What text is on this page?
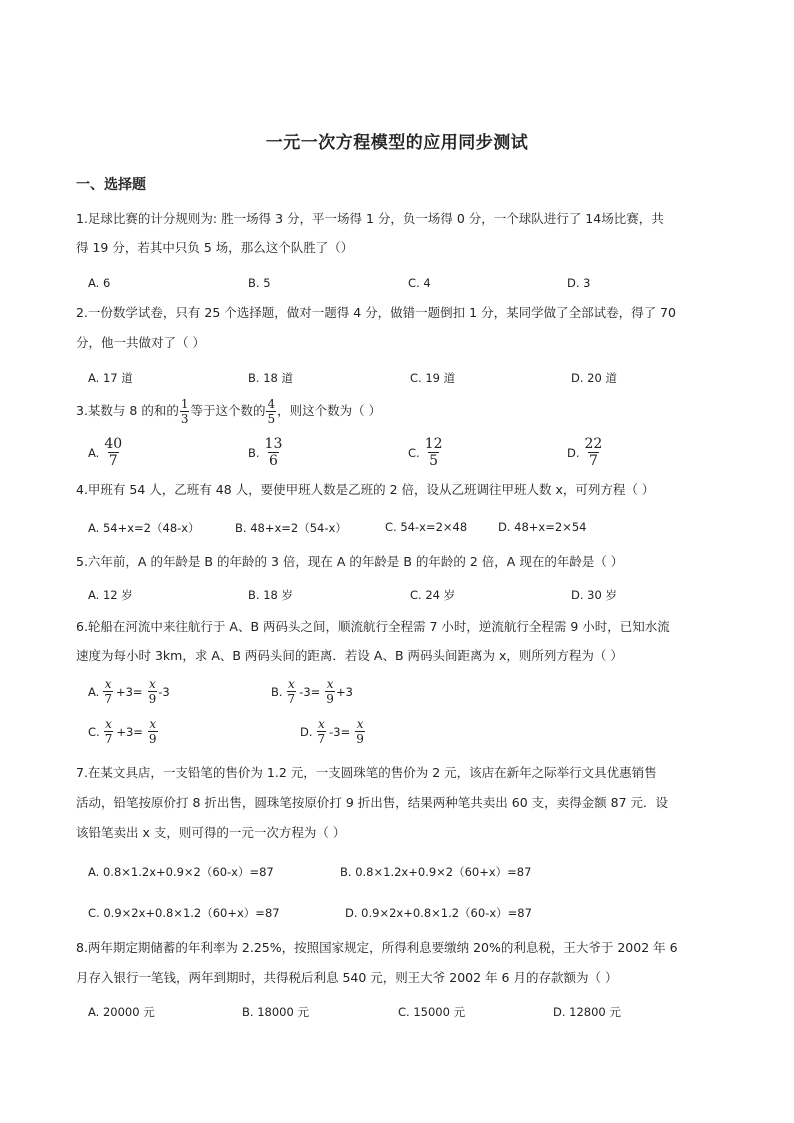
一元一次方程模型的应用同步测试
一、选择题
1.足球比赛的计分规则为: 胜一场得 3 分，平一场得 1 分，负一场得 0 分，一个球队进行了 14场比赛，共
得 19 分，若其中只负 5 场，那么这个队胜了（）
A. 6	B. 5	C. 4	D. 3
2.一份数学试卷，只有 25 个选择题，做对一题得 4 分，做错一题倒扣 1 分，某同学做了全部试卷，得了 70
分，他一共做对了（ ）
A. 17 道	B. 18 道	C. 19 道	D. 20 道
3.某数与 8 的和的 $\frac{1}{3}$ 等于这个数的 $\frac{4}{5}$ ，则这个数为（ ）
A. $\frac{40}{7}$	B. $\frac{13}{6}$	C. $\frac{12}{5}$	D. $\frac{22}{7}$
4.甲班有 54 人，乙班有 48 人，要使甲班人数是乙班的 2 倍，设从乙班调往甲班人数 x，可列方程（ ）
A. 54+x=2（48-x）	B. 48+x=2（54-x）	C. 54-x=2×48	D. 48+x=2×54
5.六年前，A 的年龄是 B 的年龄的 3 倍，现在 A 的年龄是 B 的年龄的 2 倍，A 现在的年龄是（ ）
A. 12 岁	B. 18 岁	C. 24 岁	D. 30 岁
6.轮船在河流中来往航行于 A、B 两码头之间，顺流航行全程需 7 小时，逆流航行全程需 9 小时，已知水流
速度为每小时 3km，求 A、B 两码头间的距离．若设 A、B 两码头间距离为 x，则所列方程为（ ）
A. $\frac{x}{7} +3= \frac{x}{9} -3$	B. $\frac{x}{7} -3= \frac{x}{9} +3$
C. $\frac{x}{7} +3= \frac{x}{9}$	D. $\frac{x}{7} -3= \frac{x}{9}$
7.在某文具店，一支铅笔的售价为 1.2 元，一支圆珠笔的售价为 2 元，该店在新年之际举行文具优惠销售
活动，铅笔按原价打 8 折出售，圆珠笔按原价打 9 折出售，结果两种笔共卖出 60 支，卖得金额 87 元．设
该铅笔卖出 x 支，则可得的一元一次方程为（ ）
A. 0.8×1.2x+0.9×2（60-x）=87	B. 0.8×1.2x+0.9×2（60+x）=87
C. 0.9×2x+0.8×1.2（60+x）=87	D. 0.9×2x+0.8×1.2（60-x）=87
8.两年期定期储蓄的年利率为 2.25%，按照国家规定，所得利息要缴纳 20%的利息税，王大爷于 2002 年 6
月存入银行一笔钱，两年到期时，共得税后利息 540 元，则王大爷 2002 年 6 月的存款额为（ ）
A. 20000 元	B. 18000 元	C. 15000 元	D. 12800 元
